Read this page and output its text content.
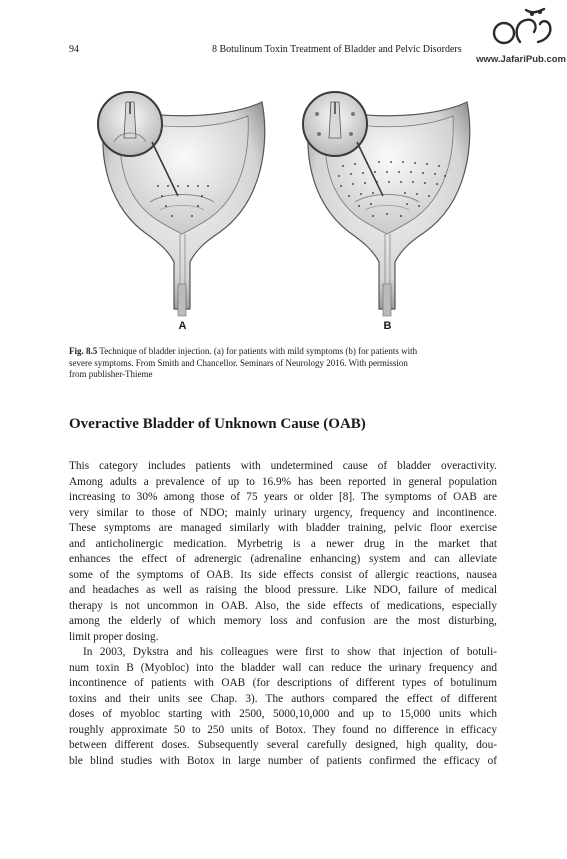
94	8 Botulinum Toxin Treatment of Bladder and Pelvic Disorders
www.JafariPub.com
A	B
Fig. 8.5 Technique of bladder injection. (a) for patients with mild symptoms (b) for patients with
severe symptoms. From Smith and Chancellor. Seminars of Neurology 2016. With permission
from publisher-Thieme
Overactive Bladder of Unknown Cause (OAB)

This category includes patients with undetermined cause of bladder overactivity.
Among adults a prevalence of up to 16.9% has been reported in general population
increasing to 30% among those of 75 years or older [8]. The symptoms of OAB are
very similar to those of NDO; mainly urinary urgency, frequency and incontinence.
These symptoms are managed similarly with bladder training, pelvic floor exercise
and anticholinergic medication. Myrbetrig is a newer drug in the market that
enhances the effect of adrenergic (adrenaline enhancing) system and can alleviate
some of the symptoms of OAB. Its side effects consist of allergic reactions, nausea
and headaches as well as raising the blood pressure. Like NDO, failure of medical
therapy is not uncommon in OAB. Also, the side effects of medications, especially
among the elderly of which memory loss and confusion are the most disturbing,
limit proper dosing.

In 2003, Dykstra and his colleagues were first to show that injection of botuli-
num toxin B (Myobloc) into the bladder wall can reduce the urinary frequency and
incontinence of patients with OAB (for descriptions of different types of botulinum
toxins and their units see Chap. 3). The authors compared the effect of different
doses of myobloc starting with 2500, 5000,10,000 and up to 15,000 units which
roughly approximate 50 to 250 units of Botox. They found no difference in efficacy
between different doses. Subsequently several carefully designed, high quality, dou-
ble blind studies with Botox in large number of patients confirmed the efficacy of
